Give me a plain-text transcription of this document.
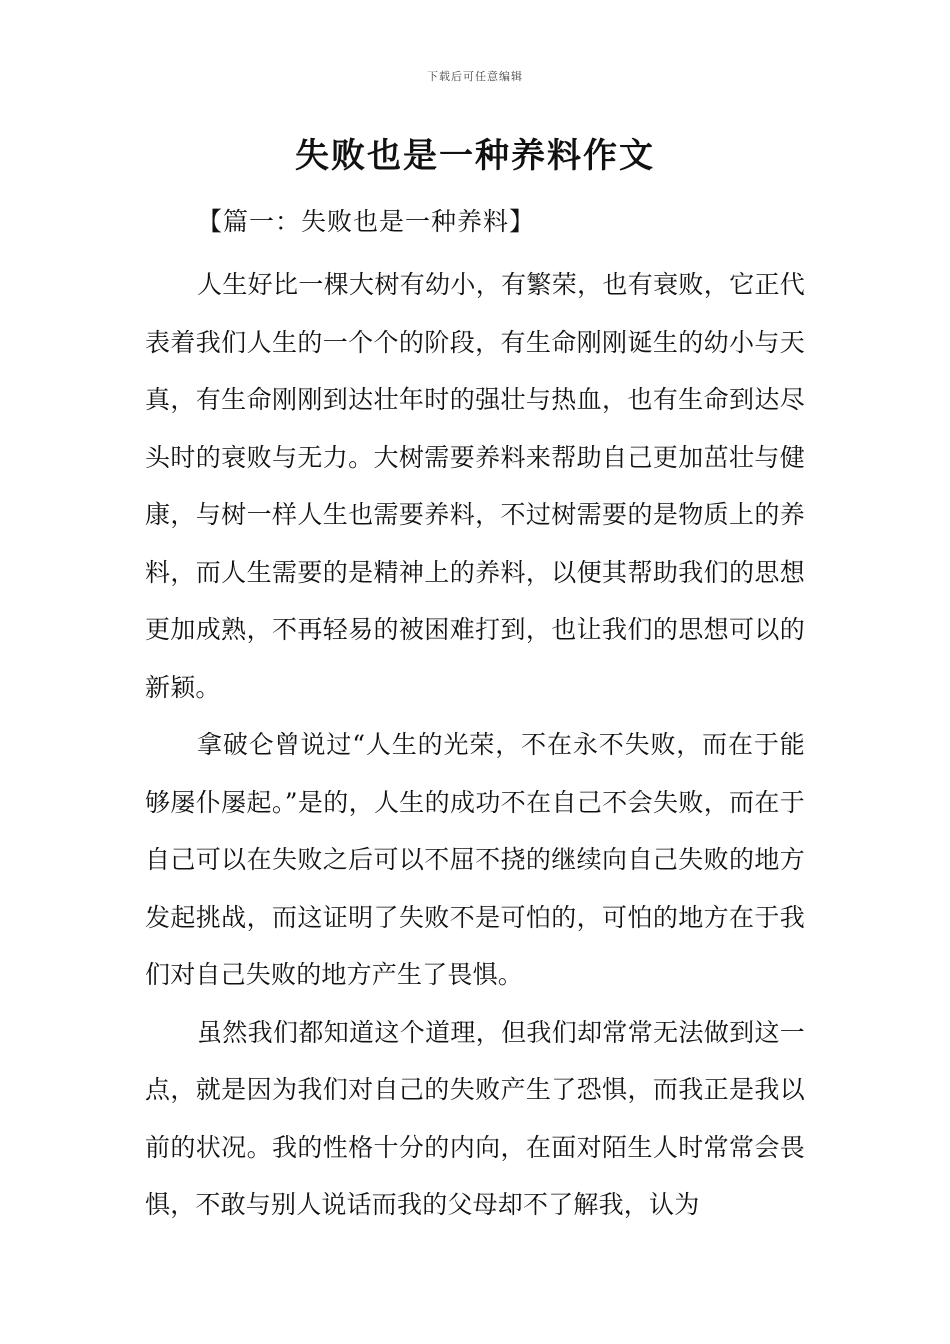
下载后可任意编辑
失败也是一种养料作文

【篇一：失败也是一种养料】

人生好比一棵大树有幼小，有繁荣，也有衰败，它正代表着我们人生的一个个的阶段，有生命刚刚诞生的幼小与天真，有生命刚刚到达壮年时的强壮与热血，也有生命到达尽头时的衰败与无力。大树需要养料来帮助自己更加茁壮与健康，与树一样人生也需要养料，不过树需要的是物质上的养料，而人生需要的是精神上的养料，以便其帮助我们的思想更加成熟，不再轻易的被困难打到，也让我们的思想可以的新颖。

拿破仑曾说过“人生的光荣，不在永不失败，而在于能够屡仆屡起。”是的，人生的成功不在自己不会失败，而在于自己可以在失败之后可以不屈不挠的继续向自己失败的地方发起挑战，而这证明了失败不是可怕的，可怕的地方在于我们对自己失败的地方产生了畏惧。

虽然我们都知道这个道理，但我们却常常无法做到这一点，就是因为我们对自己的失败产生了恐惧，而我正是我以前的状况。我的性格十分的内向，在面对陌生人时常常会畏惧，不敢与别人说话而我的父母却不了解我，认为
